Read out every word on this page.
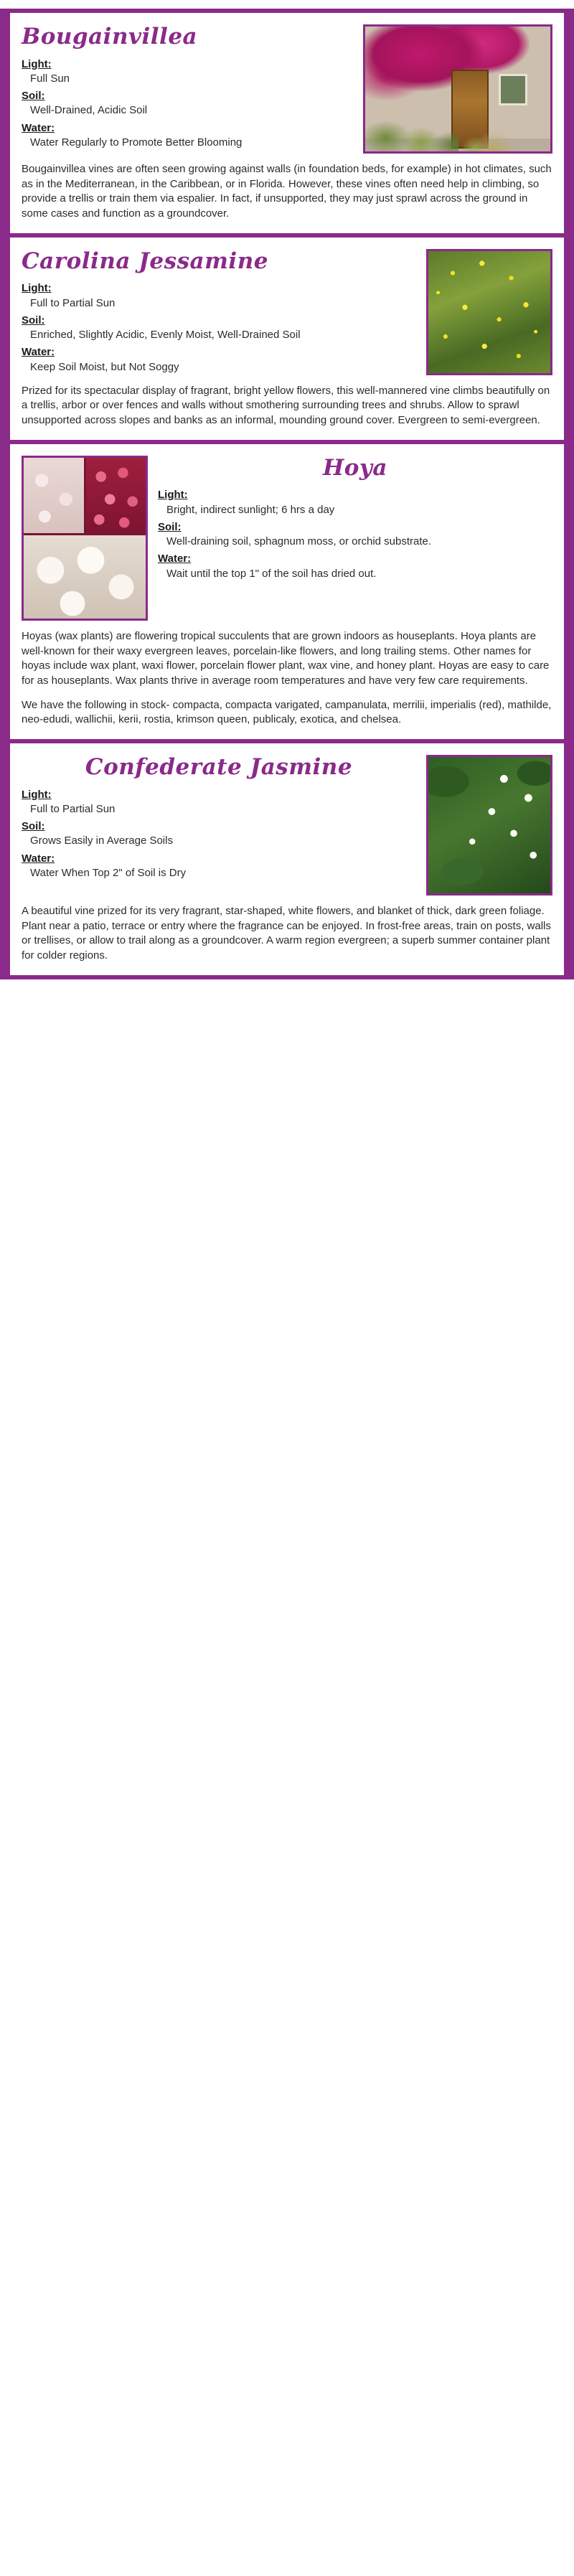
Bougainvillea
Light:
Full Sun
Soil:
Well-Drained, Acidic Soil
Water:
Water Regularly to Promote Better Blooming

Bougainvillea vines are often seen growing against walls (in foundation beds, for example) in hot climates, such as in the Mediterranean, in the Caribbean, or in Florida. However, these vines often need help in climbing, so provide a trellis or train them via espalier. In fact, if unsupported, they may just sprawl across the ground in some cases and function as a groundcover.

Carolina Jessamine
Light:
Full to Partial Sun
Soil:
Enriched, Slightly Acidic, Evenly Moist, Well-Drained Soil
Water:
Keep Soil Moist, but Not Soggy

Prized for its spectacular display of fragrant, bright yellow flowers, this well-mannered vine climbs beautifully on a trellis, arbor or over fences and walls without smothering surrounding trees and shrubs. Allow to sprawl unsupported across slopes and banks as an informal, mounding ground cover. Evergreen to semi-evergreen.

Hoya
Light:
Bright, indirect sunlight; 6 hrs a day
Soil:
Well-draining soil, sphagnum moss, or orchid substrate.
Water:
Wait until the top 1" of the soil has dried out.

Hoyas (wax plants) are flowering tropical succulents that are grown indoors as houseplants. Hoya plants are well-known for their waxy evergreen leaves, porcelain-like flowers, and long trailing stems. Other names for hoyas include wax plant, waxi flower, porcelain flower plant, wax vine, and honey plant. Hoyas are easy to care for as houseplants. Wax plants thrive in average room temperatures and have very few care requirements.

We have the following in stock- compacta, compacta varigated, campanulata, merrilii, imperialis (red), mathilde, neo-edudi, wallichii, kerii, rostia, krimson queen, publicaly, exotica, and chelsea.

Confederate Jasmine
Light:
Full to Partial Sun
Soil:
Grows Easily in Average Soils
Water:
Water When Top 2" of Soil is Dry

A beautiful vine prized for its very fragrant, star-shaped, white flowers, and blanket of thick, dark green foliage. Plant near a patio, terrace or entry where the fragrance can be enjoyed. In frost-free areas, train on posts, walls or trellises, or allow to trail along as a groundcover. A warm region evergreen; a superb summer container plant for colder regions.
